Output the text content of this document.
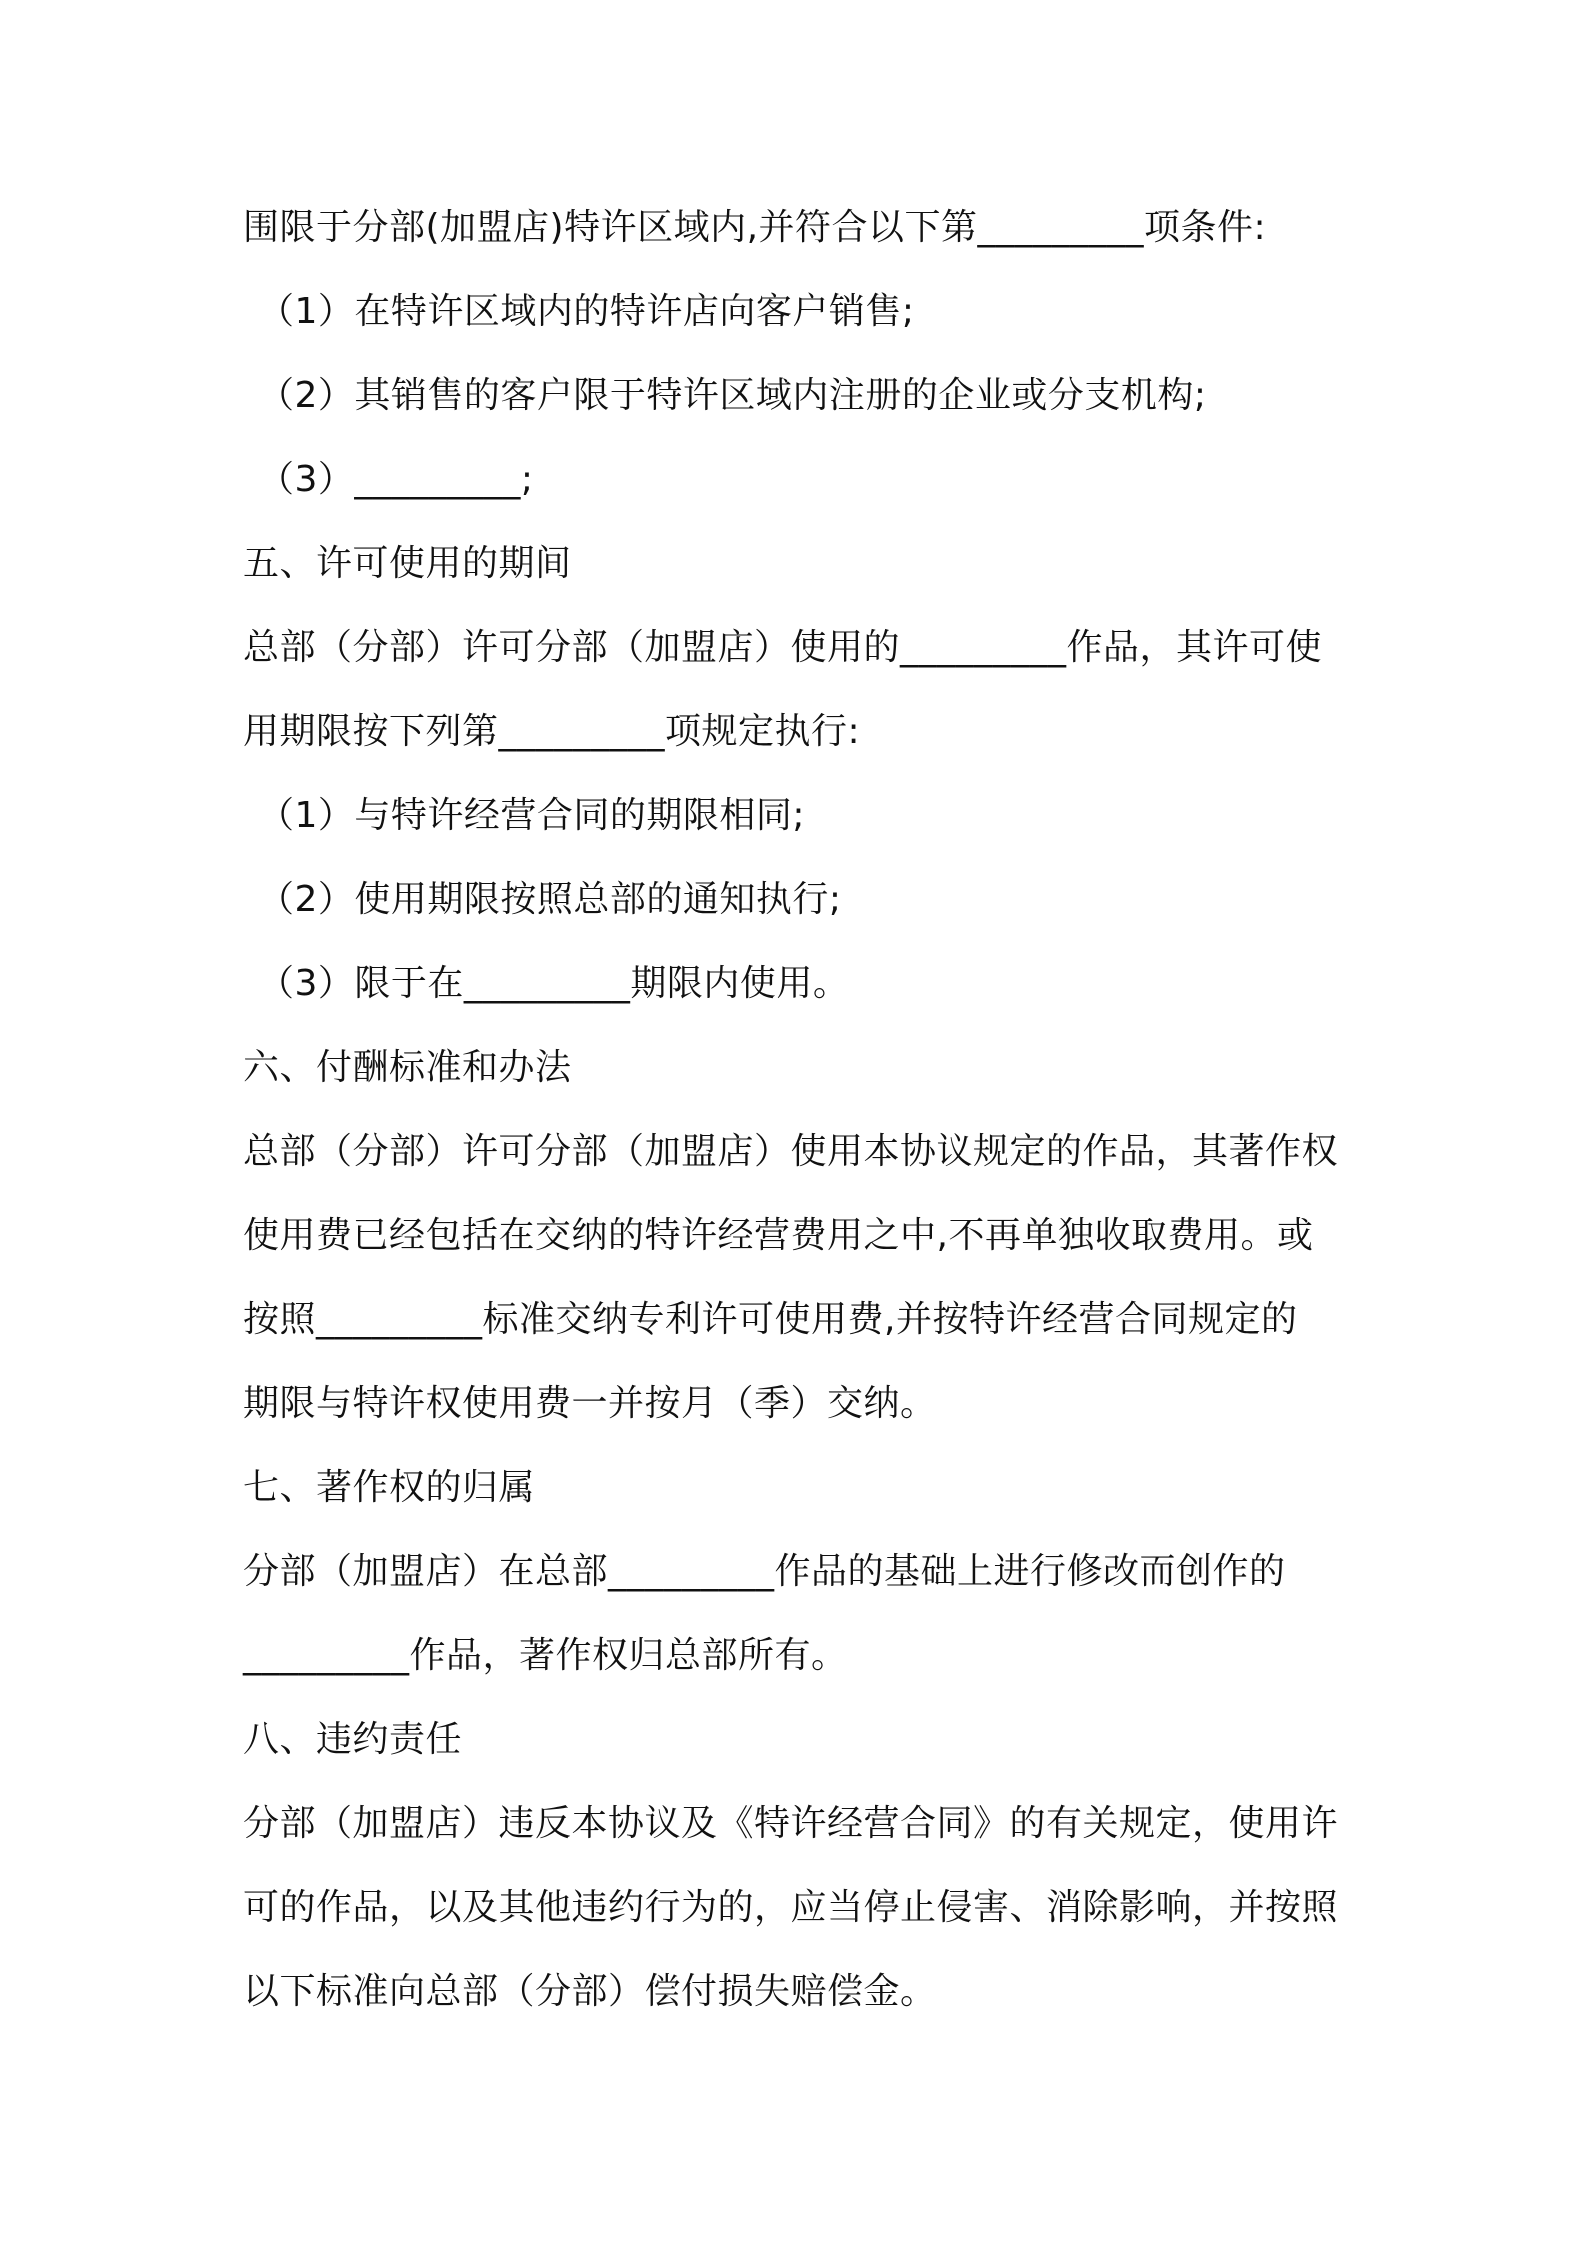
围限于分部(加盟店)特许区域内,并符合以下第_________项条件:
（1）在特许区域内的特许店向客户销售;
（2）其销售的客户限于特许区域内注册的企业或分支机构;
（3）_________;
五、许可使用的期间
总部（分部）许可分部（加盟店）使用的_________作品，其许可使
用期限按下列第_________项规定执行:
（1）与特许经营合同的期限相同;
（2）使用期限按照总部的通知执行;
（3）限于在_________期限内使用。
六、付酬标准和办法
总部（分部）许可分部（加盟店）使用本协议规定的作品，其著作权
使用费已经包括在交纳的特许经营费用之中,不再单独收取费用。或
按照_________标准交纳专利许可使用费,并按特许经营合同规定的
期限与特许权使用费一并按月（季）交纳。
七、著作权的归属
分部（加盟店）在总部_________作品的基础上进行修改而创作的
_________作品，著作权归总部所有。
八、违约责任
分部（加盟店）违反本协议及《特许经营合同》的有关规定，使用许
可的作品，以及其他违约行为的，应当停止侵害、消除影响，并按照
以下标准向总部（分部）偿付损失赔偿金。
